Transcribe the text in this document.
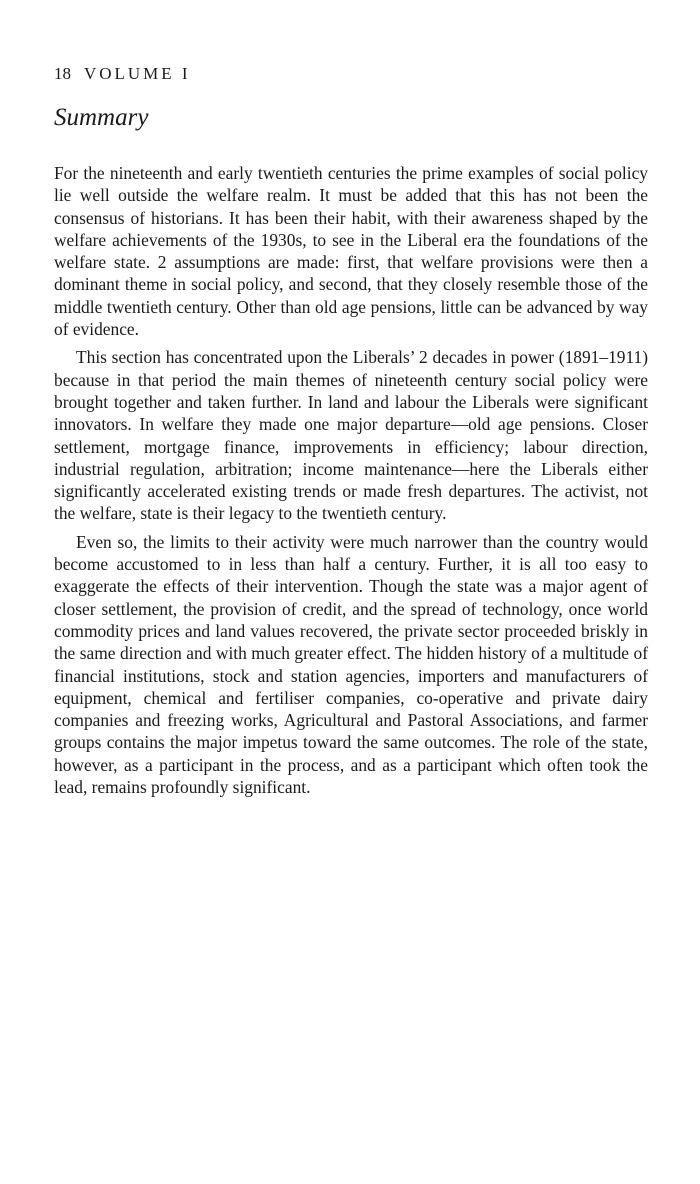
18 VOLUME I
Summary

For the nineteenth and early twentieth centuries the prime examples of social policy lie well outside the welfare realm. It must be added that this has not been the consensus of historians. It has been their habit, with their awareness shaped by the welfare achievements of the 1930s, to see in the Liberal era the foundations of the welfare state. 2 assumptions are made: first, that welfare provisions were then a dominant theme in social policy, and second, that they closely resemble those of the middle twentieth century. Other than old age pensions, little can be advanced by way of evidence.

This section has concentrated upon the Liberals’ 2 decades in power (1891–1911) because in that period the main themes of nineteenth century social policy were brought together and taken further. In land and labour the Liberals were significant innovators. In welfare they made one major departure—old age pensions. Closer settlement, mortgage finance, improvements in efficiency; labour direction, industrial regulation, arbitration; income maintenance—here the Liberals either significantly accelerated existing trends or made fresh departures. The activist, not the welfare, state is their legacy to the twentieth century.

Even so, the limits to their activity were much narrower than the country would become accustomed to in less than half a century. Further, it is all too easy to exaggerate the effects of their intervention. Though the state was a major agent of closer settlement, the provision of credit, and the spread of technology, once world commodity prices and land values recovered, the private sector proceeded briskly in the same direction and with much greater effect. The hidden history of a multitude of financial institutions, stock and station agencies, importers and manufacturers of equipment, chemical and fertiliser companies, co-operative and private dairy companies and freezing works, Agricultural and Pastoral Associations, and farmer groups contains the major impetus toward the same outcomes. The role of the state, however, as a participant in the process, and as a participant which often took the lead, remains profoundly significant.
